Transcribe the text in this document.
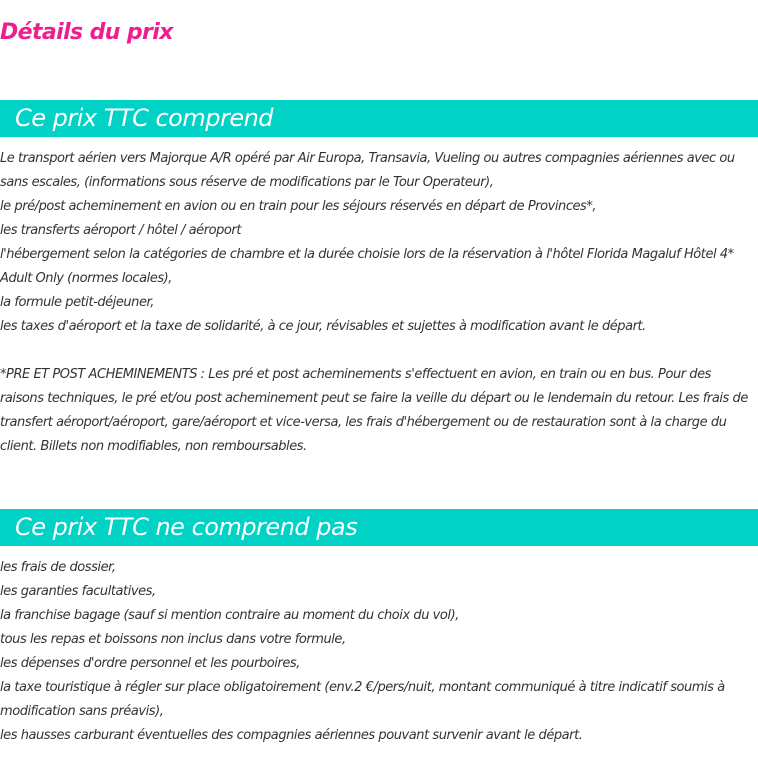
Détails du prix
Ce prix TTC comprend
Le transport aérien vers Majorque A/R opéré par Air Europa, Transavia, Vueling ou autres compagnies aériennes avec ou sans escales, (informations sous réserve de modifications par le Tour Operateur),
le pré/post acheminement en avion ou en train pour les séjours réservés en départ de Provinces*,
les transferts aéroport / hôtel / aéroport
l'hébergement selon la catégories de chambre et la durée choisie lors de la réservation à l'hôtel Florida Magaluf Hôtel 4* Adult Only (normes locales),
la formule petit-déjeuner,
les taxes d'aéroport et la taxe de solidarité, à ce jour, révisables et sujettes à modification avant le départ.

*PRE ET POST ACHEMINEMENTS : Les pré et post acheminements s'effectuent en avion, en train ou en bus. Pour des raisons techniques, le pré et/ou post acheminement peut se faire la veille du départ ou le lendemain du retour. Les frais de transfert aéroport/aéroport, gare/aéroport et vice-versa, les frais d'hébergement ou de restauration sont à la charge du client. Billets non modifiables, non remboursables.

Ce prix TTC ne comprend pas
les frais de dossier,
les garanties facultatives,
la franchise bagage (sauf si mention contraire au moment du choix du vol),
tous les repas et boissons non inclus dans votre formule,
les dépenses d'ordre personnel et les pourboires,
la taxe touristique à régler sur place obligatoirement (env.2 €/pers/nuit, montant communiqué à titre indicatif soumis à modification sans préavis),
les hausses carburant éventuelles des compagnies aériennes pouvant survenir avant le départ.
